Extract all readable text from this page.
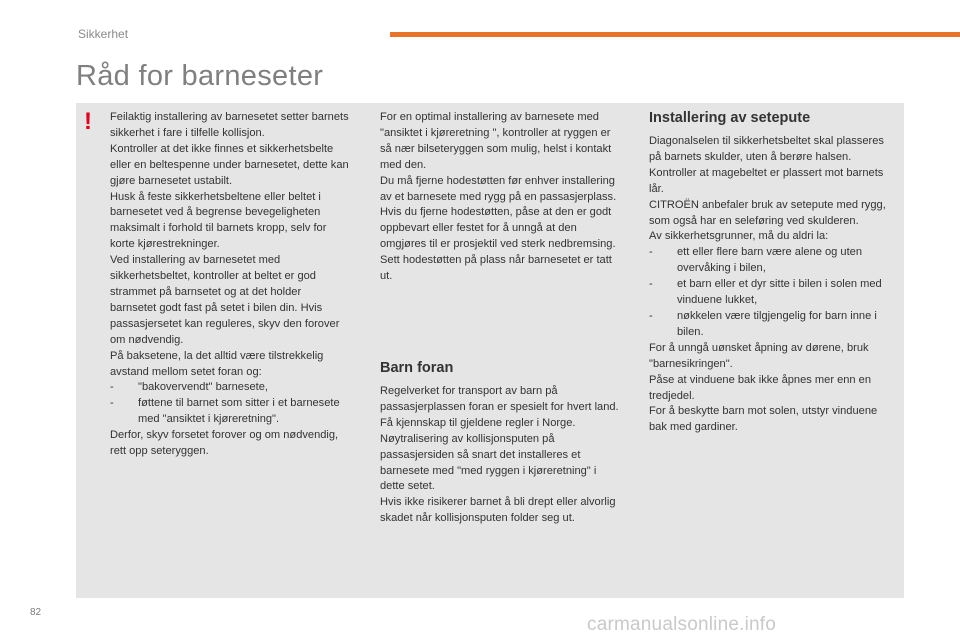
Sikkerhet
Råd for barneseter
!	Feilaktig installering av barnesetet setter barnets sikkerhet i fare i tilfelle kollisjon.

Kontroller at det ikke finnes et sikkerhetsbelte eller en beltespenne under barnesetet, dette kan gjøre barnesetet ustabilt.

Husk å feste sikkerhetsbeltene eller beltet i barnesetet ved å begrense bevegeligheten maksimalt i forhold til barnets kropp, selv for korte kjørestrekninger.

Ved installering av barnesetet med sikkerhetsbeltet, kontroller at beltet er god strammet på barnsetet og at det holder barnsetet godt fast på setet i bilen din. Hvis passasjersetet kan reguleres, skyv den forover om nødvendig.

På baksetene, la det alltid være tilstrekkelig avstand mellom setet foran og:

-	"bakovervendt" barnesete,
-	føttene til barnet som sitter i et barnesete med "ansiktet i kjøreretning".

Derfor, skyv forsetet forover og om nødvendig, rett opp seteryggen.

For en optimal installering av barnesete med "ansiktet i kjøreretning ", kontroller at ryggen er så nær bilseteryggen som mulig, helst i kontakt med den.

Du må fjerne hodestøtten før enhver installering av et barnesete med rygg på en passasjerplass. Hvis du fjerne hodestøtten, påse at den er godt oppbevart eller festet for å unngå at den omgjøres til er prosjektil ved sterk nedbremsing.

Sett hodestøtten på plass når barnesetet er tatt ut.

Barn foran

Regelverket for transport av barn på passasjerplassen foran er spesielt for hvert land.

Få kjennskap til gjeldene regler i Norge.

Nøytralisering av kollisjonsputen på passasjersiden så snart det installeres et barnesete med "med ryggen i kjøreretning" i dette setet.

Hvis ikke risikerer barnet å bli drept eller alvorlig skadet når kollisjonsputen folder seg ut.

Installering av setepute

Diagonalselen til sikkerhetsbeltet skal plasseres på barnets skulder, uten å berøre halsen.

Kontroller at magebeltet er plassert mot barnets lår.

CITROËN anbefaler bruk av setepute med rygg, som også har en seleføring ved skulderen.

Av sikkerhetsgrunner, må du aldri la:

-	ett eller flere barn være alene og uten overvåking i bilen,
-	et barn eller et dyr sitte i bilen i solen med vinduene lukket,
-	nøkkelen være tilgjengelig for barn inne i bilen.

For å unngå uønsket åpning av dørene, bruk "barnesikringen".

Påse at vinduene bak ikke åpnes mer enn en tredjedel.

For å beskytte barn mot solen, utstyr vinduene bak med gardiner.

82
carmanualsonline.info
